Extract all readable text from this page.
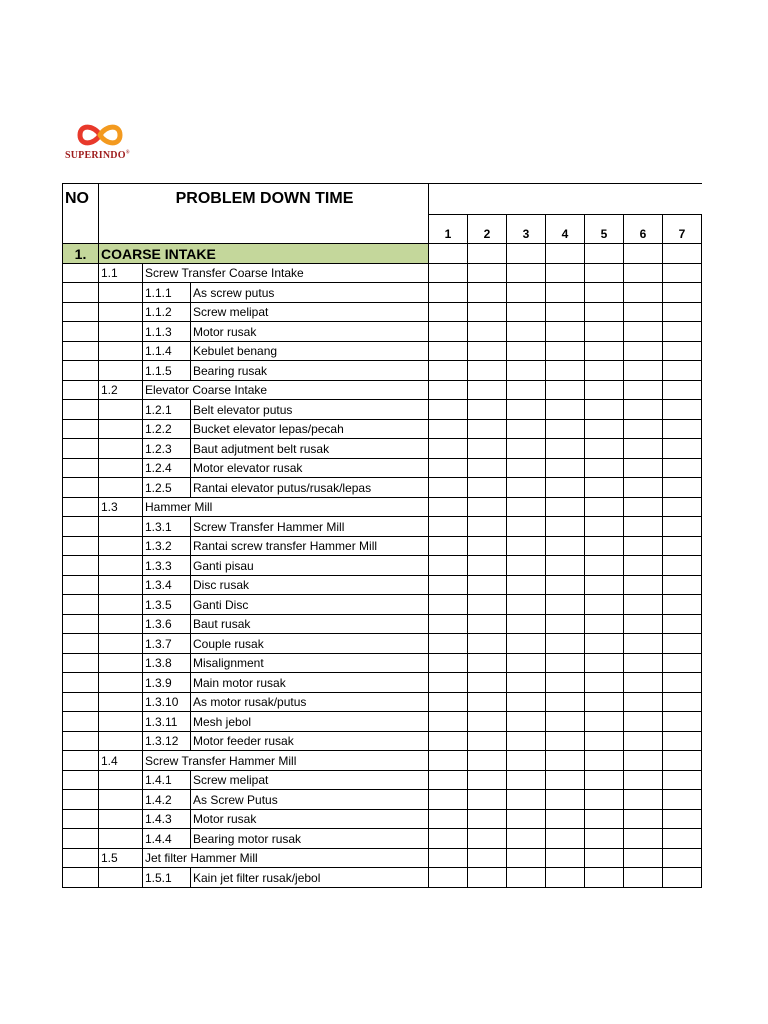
SUPERINDO®
NO	PROBLEM DOWN TIME									
				1	2	3	4	5	6	7
1.	COARSE INTAKE									
	1.1	Screw Transfer Coarse Intake								
		1.1.1	As screw putus							
		1.1.2	Screw melipat							
		1.1.3	Motor rusak							
		1.1.4	Kebulet benang							
		1.1.5	Bearing rusak							
	1.2	Elevator Coarse Intake								
		1.2.1	Belt elevator putus							
		1.2.2	Bucket elevator lepas/pecah							
		1.2.3	Baut adjutment belt rusak							
		1.2.4	Motor elevator rusak							
		1.2.5	Rantai elevator putus/rusak/lepas							
	1.3	Hammer Mill								
		1.3.1	Screw Transfer Hammer Mill							
		1.3.2	Rantai screw transfer Hammer Mill							
		1.3.3	Ganti pisau							
		1.3.4	Disc rusak							
		1.3.5	Ganti Disc							
		1.3.6	Baut rusak							
		1.3.7	Couple rusak							
		1.3.8	Misalignment							
		1.3.9	Main motor rusak							
		1.3.10	As motor rusak/putus							
		1.3.11	Mesh jebol							
		1.3.12	Motor feeder rusak							
	1.4	Screw Transfer Hammer Mill								
		1.4.1	Screw melipat							
		1.4.2	As Screw Putus							
		1.4.3	Motor rusak							
		1.4.4	Bearing motor rusak							
	1.5	Jet filter Hammer Mill								
		1.5.1	Kain jet filter rusak/jebol							
